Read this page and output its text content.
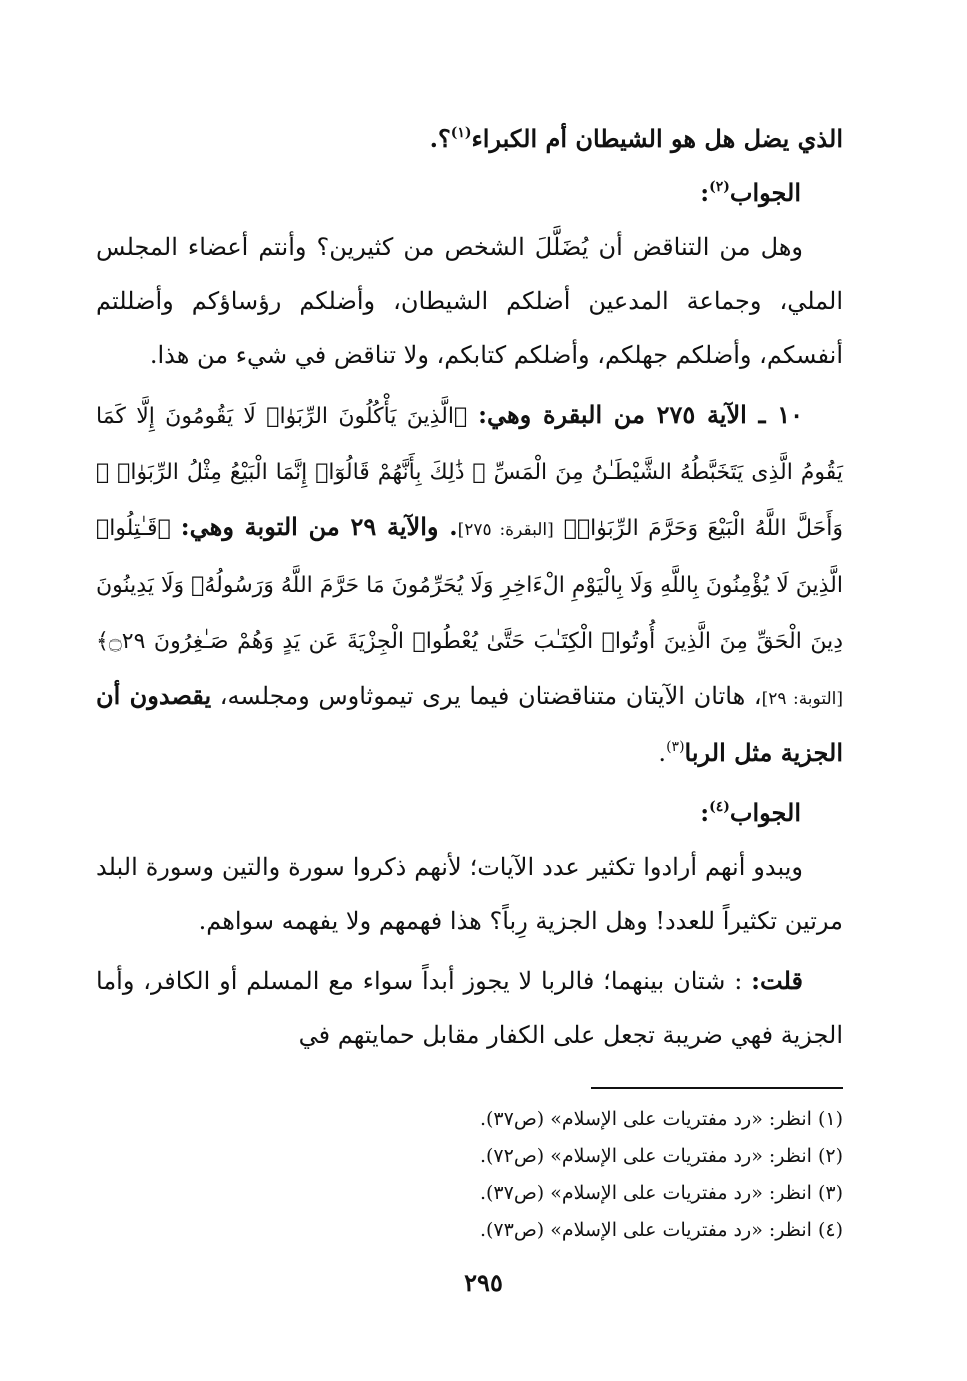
الذي يضل هل هو الشيطان أم الكبراء$^{(١)}$؟.

الجواب$^{(٢)}$:

وهل من التناقض أن يُضَلَّلَ الشخص من كثيرين؟ وأنتم أعضاء المجلس الملي، وجماعة المدعين أضلكم الشيطان، وأضلكم رؤساؤكم وأضللتم أنفسكم، وأضلكم جهلكم، وأضلكم كتابكم، ولا تناقض في شيء من هذا.

١٠ ـ الآية ٢٧٥ من البقرة وهي: ﴿الَّذِينَ يَأْكُلُونَ الرِّبَوٰا۟ لَا يَقُومُونَ إِلَّا كَمَا يَقُومُ الَّذِى يَتَخَبَّطُهُ الشَّيْطَـٰنُ مِنَ الْمَسِّ ۚ ذَٰلِكَ بِأَنَّهُمْ قَالُوٓا۟ إِنَّمَا الْبَيْعُ مِثْلُ الرِّبَوٰا۟ ۗ وَأَحَلَّ اللَّهُ الْبَيْعَ وَحَرَّمَ الرِّبَوٰا۟﴾ [البقرة: ٢٧٥]. والآية ٢٩ من التوبة وهي: ﴿قَـٰتِلُوا۟ الَّذِينَ لَا يُؤْمِنُونَ بِاللَّهِ وَلَا بِالْيَوْمِ الْءَاخِرِ وَلَا يُحَرِّمُونَ مَا حَرَّمَ اللَّهُ وَرَسُولُهُۥ وَلَا يَدِينُونَ دِينَ الْحَقِّ مِنَ الَّذِينَ أُوتُوا۟ الْكِتَـٰبَ حَتَّىٰ يُعْطُوا۟ الْجِزْيَةَ عَن يَدٍ وَهُمْ صَـٰغِرُونَ ۝٢٩﴾ [التوبة: ٢٩]، هاتان الآيتان متناقضتان فيما يرى تيموثاوس ومجلسه، يقصدون أن الجزية مثل الربا$^{(٣)}$.

الجواب$^{(٤)}$:

ويبدو أنهم أرادوا تكثير عدد الآيات؛ لأنهم ذكروا سورة والتين وسورة البلد مرتين تكثيراً للعدد! وهل الجزية رِباً؟ هذا فهمهم ولا يفهمه سواهم.

قلت: : شتان بينهما؛ فالربا لا يجوز أبداً سواء مع المسلم أو الكافر، وأما الجزية فهي ضريبة تجعل على الكفار مقابل حمايتهم في

(١) انظر: «رد مفتريات على الإسلام» (ص٣٧).

(٢) انظر: «رد مفتريات على الإسلام» (ص٧٢).

(٣) انظر: «رد مفتريات على الإسلام» (ص٣٧).

(٤) انظر: «رد مفتريات على الإسلام» (ص٧٣).

٢٩٥
